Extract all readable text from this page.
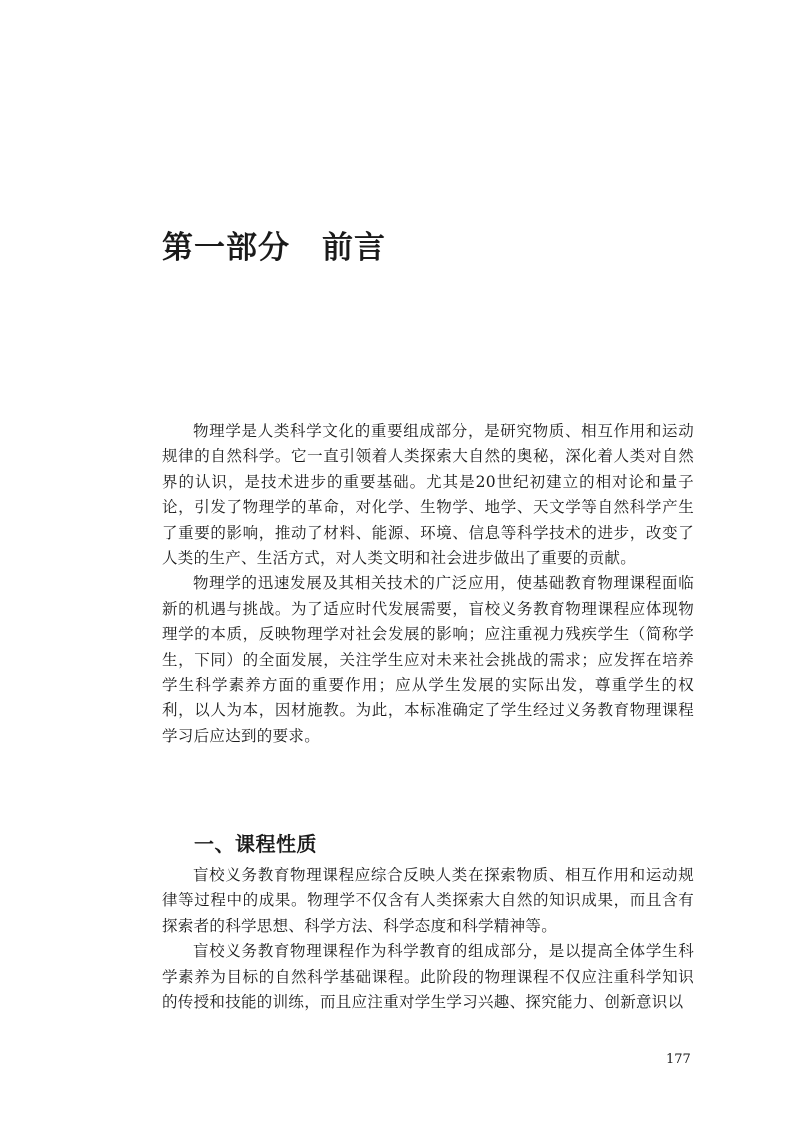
第一部分　前言

物理学是人类科学文化的重要组成部分，是研究物质、相互作用和运动规律的自然科学。它一直引领着人类探索大自然的奥秘，深化着人类对自然界的认识，是技术进步的重要基础。尤其是20世纪初建立的相对论和量子论，引发了物理学的革命，对化学、生物学、地学、天文学等自然科学产生了重要的影响，推动了材料、能源、环境、信息等科学技术的进步，改变了人类的生产、生活方式，对人类文明和社会进步做出了重要的贡献。

物理学的迅速发展及其相关技术的广泛应用，使基础教育物理课程面临新的机遇与挑战。为了适应时代发展需要，盲校义务教育物理课程应体现物理学的本质，反映物理学对社会发展的影响；应注重视力残疾学生（简称学生，下同）的全面发展，关注学生应对未来社会挑战的需求；应发挥在培养学生科学素养方面的重要作用；应从学生发展的实际出发，尊重学生的权利，以人为本，因材施教。为此，本标准确定了学生经过义务教育物理课程学习后应达到的要求。

一、课程性质

盲校义务教育物理课程应综合反映人类在探索物质、相互作用和运动规律等过程中的成果。物理学不仅含有人类探索大自然的知识成果，而且含有探索者的科学思想、科学方法、科学态度和科学精神等。

盲校义务教育物理课程作为科学教育的组成部分，是以提高全体学生科学素养为目标的自然科学基础课程。此阶段的物理课程不仅应注重科学知识的传授和技能的训练，而且应注重对学生学习兴趣、探究能力、创新意识以

177
